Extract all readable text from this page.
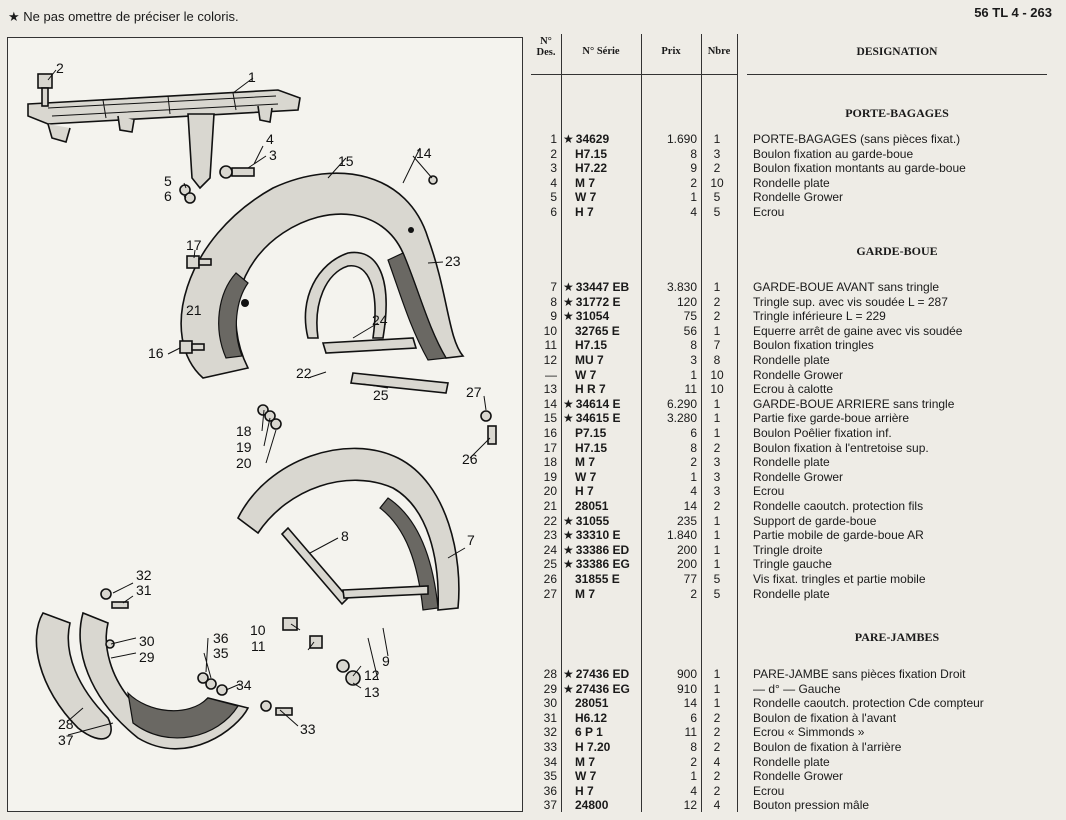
★ Ne pas omettre de préciser le coloris.	56 TL 4 - 263
1
2
3
4
5
6
7
8
9
10
11
12
13
14
15
16
17
18
19
20
21
22
23
24
25
26
27
28
29
30
31
32
33
34
35
36
37
N° Des.	N° Série	Prix	Nbre	DESIGNATION
PORTE-BAGAGES
1 ★ 34629	1.690	1	PORTE-BAGAGES (sans pièces fixat.)
2	H7.15	8	3	Boulon fixation au garde-boue
3	H7.22	9	2	Boulon fixation montants au garde-boue
4	M 7	2	10	Rondelle plate
5	W 7	1	5	Rondelle Grower
6	H 7	4	5	Ecrou
GARDE-BOUE
7 ★ 33447 EB	3.830	1	GARDE-BOUE AVANT sans tringle
8 ★ 31772 E	120	2	Tringle sup. avec vis soudée L = 287
9 ★ 31054	75	2	Tringle inférieure L = 229
10	32765 E	56	1	Equerre arrêt de gaine avec vis soudée
11	H7.15	8	7	Boulon fixation tringles
12	MU 7	3	8	Rondelle plate
—	W 7	1	10	Rondelle Grower
13	H R 7	11	10	Ecrou à calotte
14 ★ 34614 E	6.290	1	GARDE-BOUE ARRIERE sans tringle
15 ★ 34615 E	3.280	1	Partie fixe garde-boue arrière
16	P7.15	6	1	Boulon Poêlier fixation inf.
17	H7.15	8	2	Boulon fixation à l'entretoise sup.
18	M 7	2	3	Rondelle plate
19	W 7	1	3	Rondelle Grower
20	H 7	4	3	Ecrou
21	28051	14	2	Rondelle caoutch. protection fils
22 ★ 31055	235	1	Support de garde-boue
23 ★ 33310 E	1.840	1	Partie mobile de garde-boue AR
24 ★ 33386 ED	200	1	Tringle droite
25 ★ 33386 EG	200	1	Tringle gauche
26	31855 E	77	5	Vis fixat. tringles et partie mobile
27	M 7	2	5	Rondelle plate
PARE-JAMBES
28 ★ 27436 ED	900	1	PARE-JAMBE sans pièces fixation Droit
29 ★ 27436 EG	910	1	— d° — Gauche
30	28051	14	1	Rondelle caoutch. protection Cde compteur
31	H6.12	6	2	Boulon de fixation à l'avant
32	6 P 1	11	2	Ecrou « Simmonds »
33	H 7.20	8	2	Boulon de fixation à l'arrière
34	M 7	2	4	Rondelle plate
35	W 7	1	2	Rondelle Grower
36	H 7	4	2	Ecrou
37	24800	12	4	Bouton pression mâle
